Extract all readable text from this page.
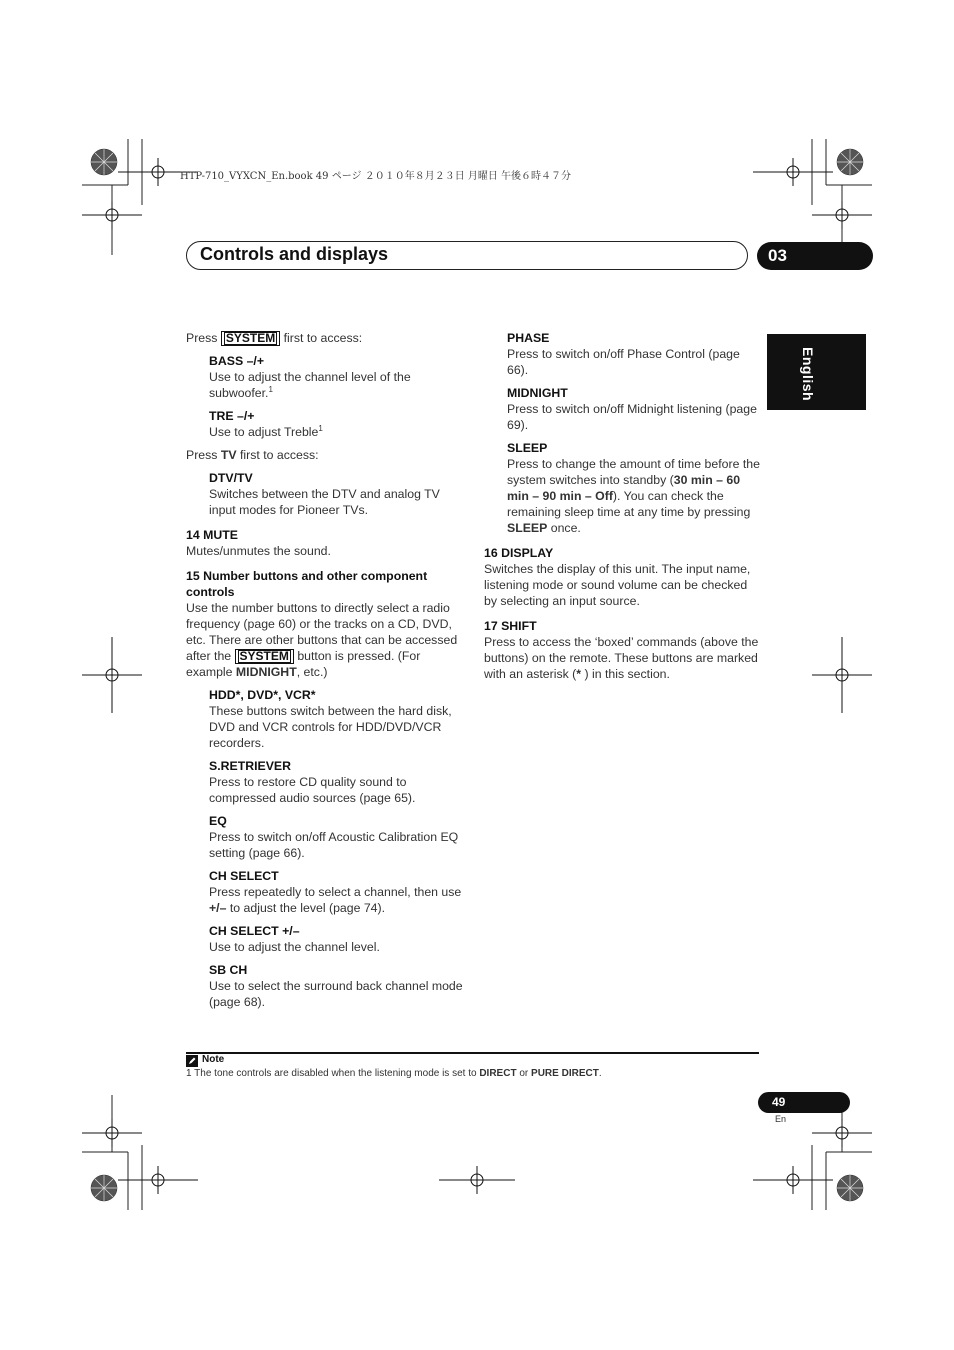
HTP-710_VYXCN_En.book 49 ページ ２０１０年８月２３日 月曜日 午後６時４７分
Controls and displays	03
English

Press SYSTEM first to access:

BASS –/+

Use to adjust the channel level of the subwoofer.$^1$

TRE –/+

Use to adjust Treble$^1$

Press TV first to access:

DTV/TV

Switches between the DTV and analog TV input modes for Pioneer TVs.

14 MUTE

Mutes/unmutes the sound.

15 Number buttons and other component controls

Use the number buttons to directly select a radio frequency (page 60) or the tracks on a CD, DVD, etc. There are other buttons that can be accessed after the SYSTEM button is pressed. (For example MIDNIGHT, etc.)

HDD*, DVD*, VCR*

These buttons switch between the hard disk, DVD and VCR controls for HDD/DVD/VCR recorders.

S.RETRIEVER

Press to restore CD quality sound to compressed audio sources (page 65).

EQ

Press to switch on/off Acoustic Calibration EQ setting (page 66).

CH SELECT

Press repeatedly to select a channel, then use +/– to adjust the level (page 74).

CH SELECT +/–

Use to adjust the channel level.

SB CH

Use to select the surround back channel mode (page 68).

PHASE

Press to switch on/off Phase Control (page 66).

MIDNIGHT

Press to switch on/off Midnight listening (page 69).

SLEEP

Press to change the amount of time before the system switches into standby (30 min – 60 min – 90 min – Off). You can check the remaining sleep time at any time by pressing SLEEP once.

16 DISPLAY

Switches the display of this unit. The input name, listening mode or sound volume can be checked by selecting an input source.

17 SHIFT

Press to access the ‘boxed’ commands (above the buttons) on the remote. These buttons are marked with an asterisk (* ) in this section.

Note
1 The tone controls are disabled when the listening mode is set to DIRECT or PURE DIRECT.
49
En
